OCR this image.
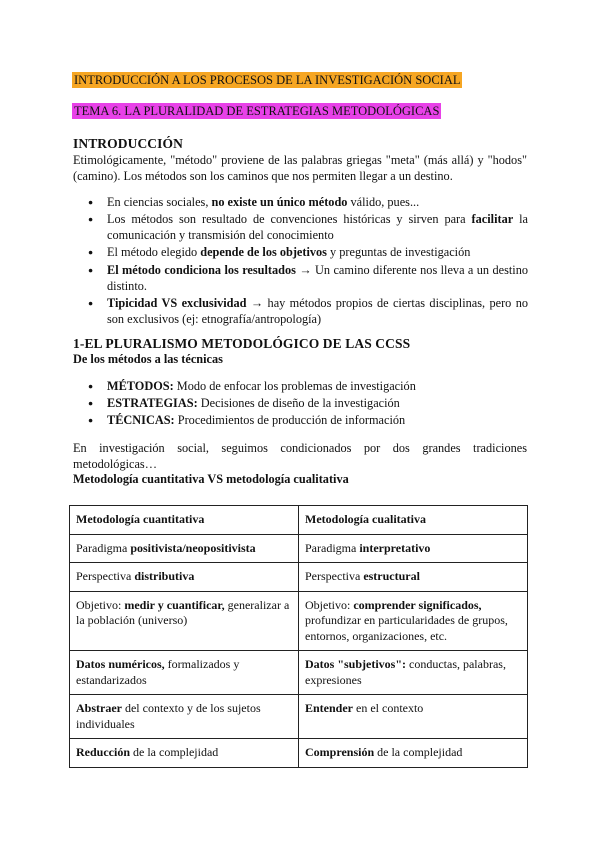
INTRODUCCIÓN A LOS PROCESOS DE LA INVESTIGACIÓN SOCIAL
TEMA 6. LA PLURALIDAD DE ESTRATEGIAS METODOLÓGICAS
INTRODUCCIÓN
Etimológicamente, "método" proviene de las palabras griegas "meta" (más allá) y "hodos" (camino). Los métodos son los caminos que nos permiten llegar a un destino.
● En ciencias sociales, no existe un único método válido, pues...
● Los métodos son resultado de convenciones históricas y sirven para facilitar la comunicación y transmisión del conocimiento
● El método elegido depende de los objetivos y preguntas de investigación
● El método condiciona los resultados → Un camino diferente nos lleva a un destino distinto.
● Tipicidad VS exclusividad → hay métodos propios de ciertas disciplinas, pero no son exclusivos (ej: etnografía/antropología)
1-EL PLURALISMO METODOLÓGICO DE LAS CCSS
De los métodos a las técnicas
● MÉTODOS: Modo de enfocar los problemas de investigación
● ESTRATEGIAS: Decisiones de diseño de la investigación
● TÉCNICAS: Procedimientos de producción de información
En investigación social, seguimos condicionados por dos grandes tradiciones metodológicas…
Metodología cuantitativa VS metodología cualitativa
Metodología cuantitativa	Metodología cualitativa
Paradigma positivista/neopositivista	Paradigma interpretativo
Perspectiva distributiva	Perspectiva estructural
Objetivo: medir y cuantificar, generalizar a la población (universo)	Objetivo: comprender significados, profundizar en particularidades de grupos, entornos, organizaciones, etc.
Datos numéricos, formalizados y estandarizados	Datos "subjetivos": conductas, palabras, expresiones
Abstraer del contexto y de los sujetos individuales	Entender en el contexto
Reducción de la complejidad	Comprensión de la complejidad
